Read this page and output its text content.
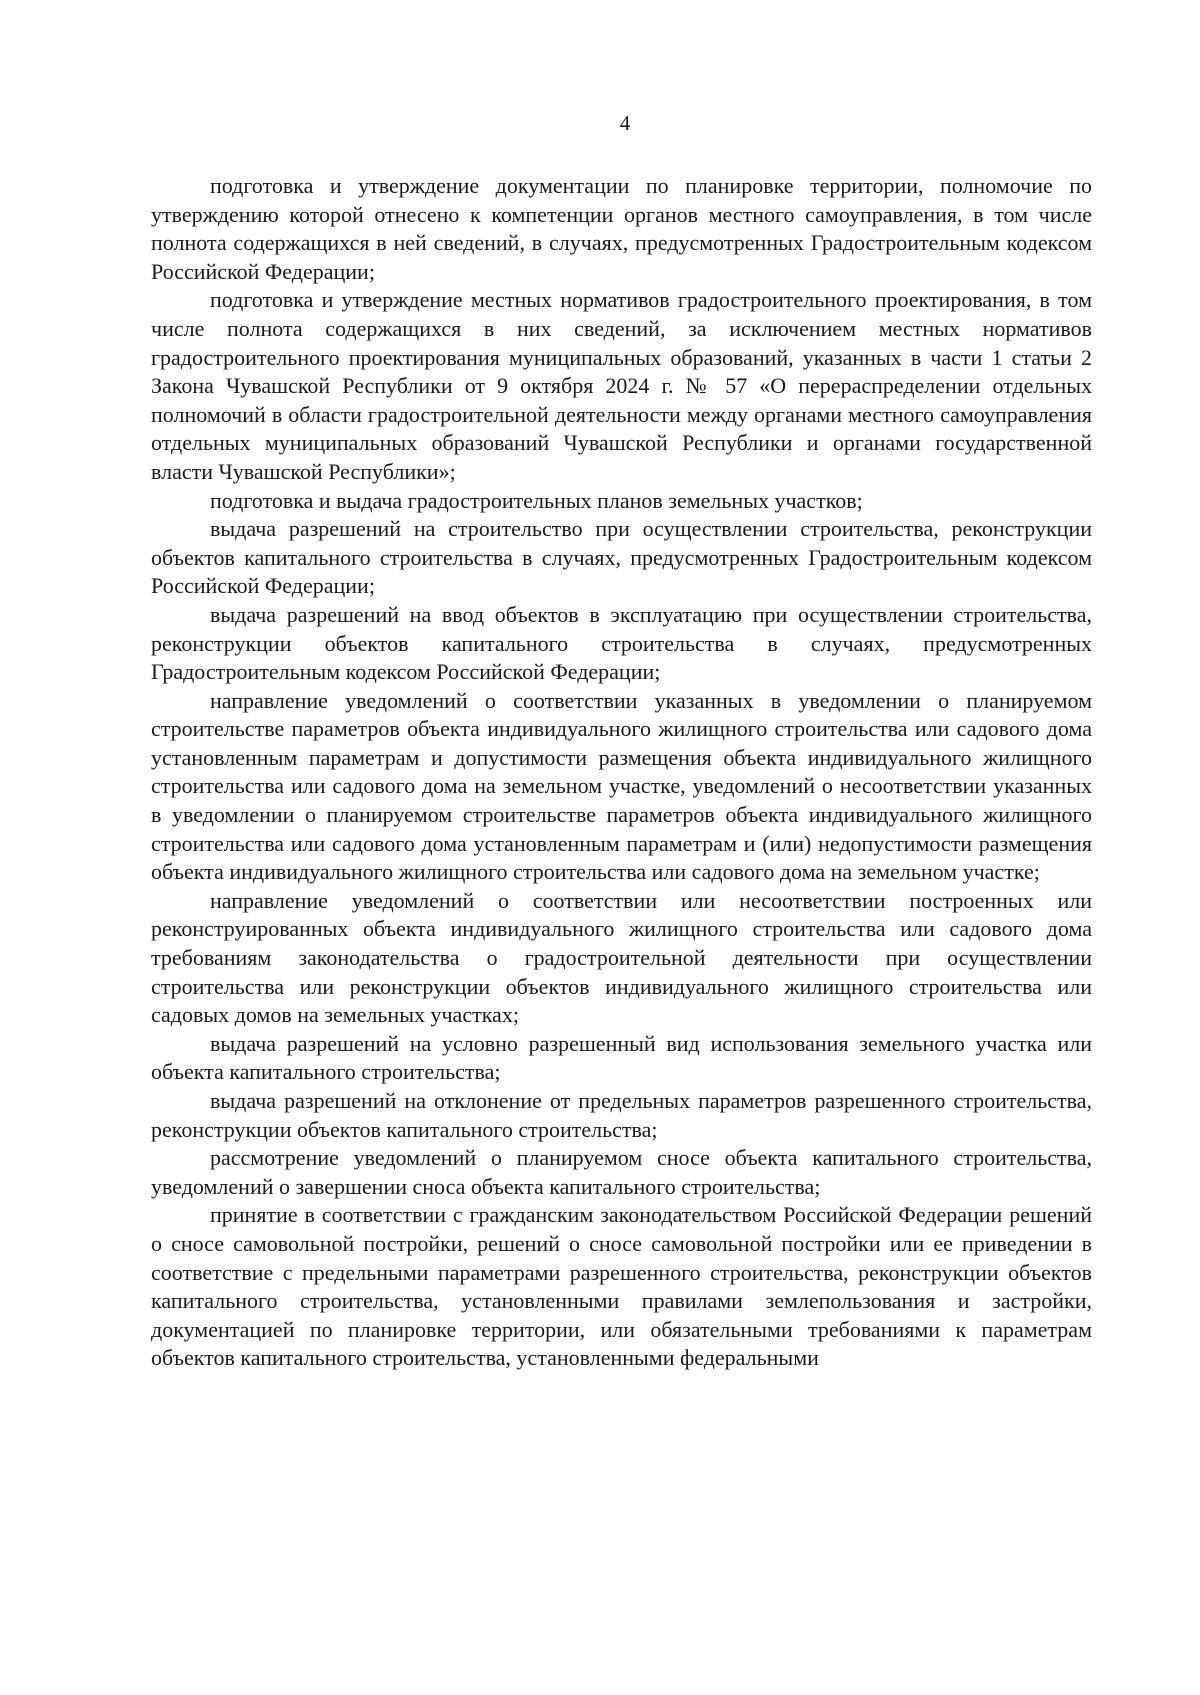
4

подготовка и утверждение документации по планировке территории, полномочие по утверждению которой отнесено к компетенции органов местного самоуправления, в том числе полнота содержащихся в ней сведений, в случаях, предусмотренных Градостроительным кодексом Российской Федерации;

подготовка и утверждение местных нормативов градостроительного проектирования, в том числе полнота содержащихся в них сведений, за исключением местных нормативов градостроительного проектирования муниципальных образований, указанных в части 1 статьи 2 Закона Чувашской Республики от 9 октября 2024 г. № 57 «О перераспределении отдельных полномочий в области градостроительной деятельности между органами местного самоуправления отдельных муниципальных образований Чувашской Республики и органами государственной власти Чувашской Республики»;

подготовка и выдача градостроительных планов земельных участков;

выдача разрешений на строительство при осуществлении строительства, реконструкции объектов капитального строительства в случаях, предусмотренных Градостроительным кодексом Российской Федерации;

выдача разрешений на ввод объектов в эксплуатацию при осуществлении строительства, реконструкции объектов капитального строительства в случаях, предусмотренных Градостроительным кодексом Российской Федерации;

направление уведомлений о соответствии указанных в уведомлении о планируемом строительстве параметров объекта индивидуального жилищного строительства или садового дома установленным параметрам и допустимости размещения объекта индивидуального жилищного строительства или садового дома на земельном участке, уведомлений о несоответствии указанных в уведомлении о планируемом строительстве параметров объекта индивидуального жилищного строительства или садового дома установленным параметрам и (или) недопустимости размещения объекта индивидуального жилищного строительства или садового дома на земельном участке;

направление уведомлений о соответствии или несоответствии построенных или реконструированных объекта индивидуального жилищного строительства или садового дома требованиям законодательства о градостроительной деятельности при осуществлении строительства или реконструкции объектов индивидуального жилищного строительства или садовых домов на земельных участках;

выдача разрешений на условно разрешенный вид использования земельного участка или объекта капитального строительства;

выдача разрешений на отклонение от предельных параметров разрешенного строительства, реконструкции объектов капитального строительства;

рассмотрение уведомлений о планируемом сносе объекта капитального строительства, уведомлений о завершении сноса объекта капитального строительства;

принятие в соответствии с гражданским законодательством Российской Федерации решений о сносе самовольной постройки, решений о сносе самовольной постройки или ее приведении в соответствие с предельными параметрами разрешенного строительства, реконструкции объектов капитального строительства, установленными правилами землепользования и застройки, документацией по планировке территории, или обязательными требованиями к параметрам объектов капитального строительства, установленными федеральными
